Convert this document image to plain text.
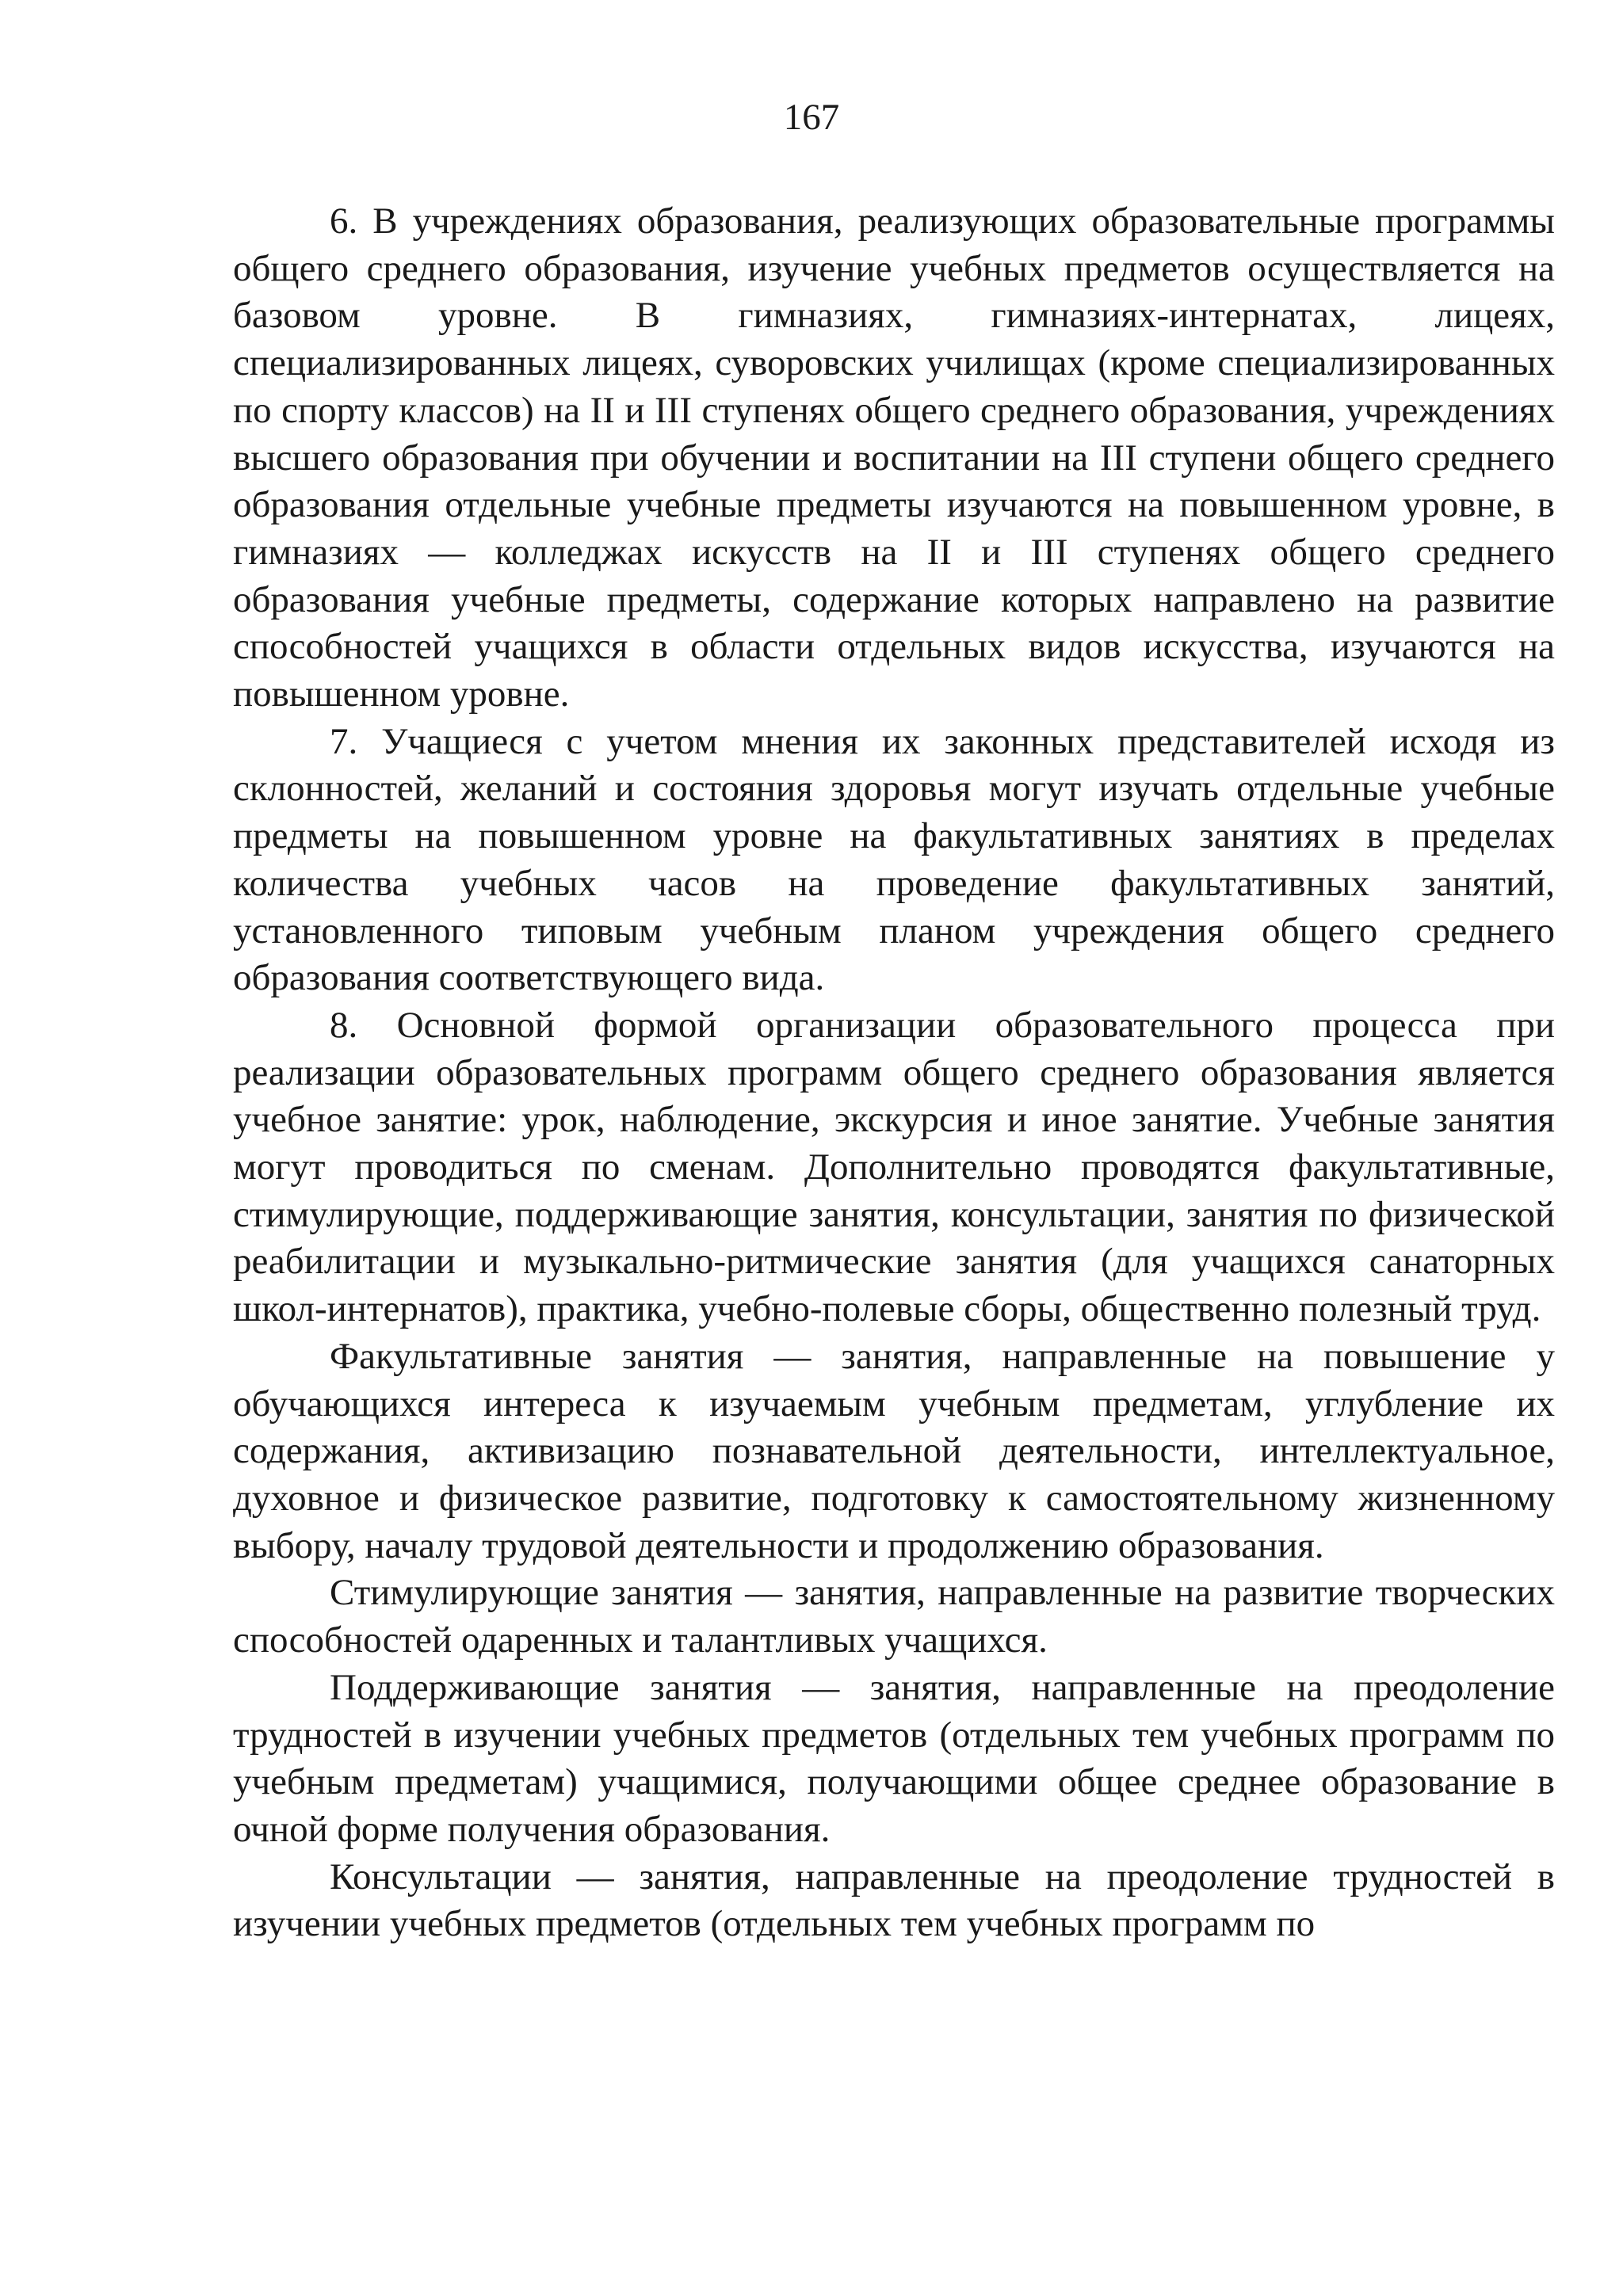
167

6. В учреждениях образования, реализующих образовательные программы общего среднего образования, изучение учебных предметов осуществляется на базовом уровне. В гимназиях, гимназиях-интернатах, лицеях, специализированных лицеях, суворовских училищах (кроме специализированных по спорту классов) на II и III ступенях общего среднего образования, учреждениях высшего образования при обучении и воспитании на III ступени общего среднего образования отдельные учебные предметы изучаются на повышенном уровне, в гимназиях — колледжах искусств на II и III ступенях общего среднего образования учебные предметы, содержание которых направлено на развитие способностей учащихся в области отдельных видов искусства, изучаются на повышенном уровне.

7. Учащиеся с учетом мнения их законных представителей исходя из склонностей, желаний и состояния здоровья могут изучать отдельные учебные предметы на повышенном уровне на факультативных занятиях в пределах количества учебных часов на проведение факультативных занятий, установленного типовым учебным планом учреждения общего среднего образования соответствующего вида.

8. Основной формой организации образовательного процесса при реализации образовательных программ общего среднего образования является учебное занятие: урок, наблюдение, экскурсия и иное занятие. Учебные занятия могут проводиться по сменам. Дополнительно проводятся факультативные, стимулирующие, поддерживающие занятия, консультации, занятия по физической реабилитации и музыкально-ритмические занятия (для учащихся санаторных школ-интернатов), практика, учебно-полевые сборы, общественно полезный труд.

Факультативные занятия — занятия, направленные на повышение у обучающихся интереса к изучаемым учебным предметам, углубление их содержания, активизацию познавательной деятельности, интеллектуальное, духовное и физическое развитие, подготовку к самостоятельному жизненному выбору, началу трудовой деятельности и продолжению образования.

Стимулирующие занятия — занятия, направленные на развитие творческих способностей одаренных и талантливых учащихся.

Поддерживающие занятия — занятия, направленные на преодоление трудностей в изучении учебных предметов (отдельных тем учебных программ по учебным предметам) учащимися, получающими общее среднее образование в очной форме получения образования.

Консультации — занятия, направленные на преодоление трудностей в изучении учебных предметов (отдельных тем учебных программ по
